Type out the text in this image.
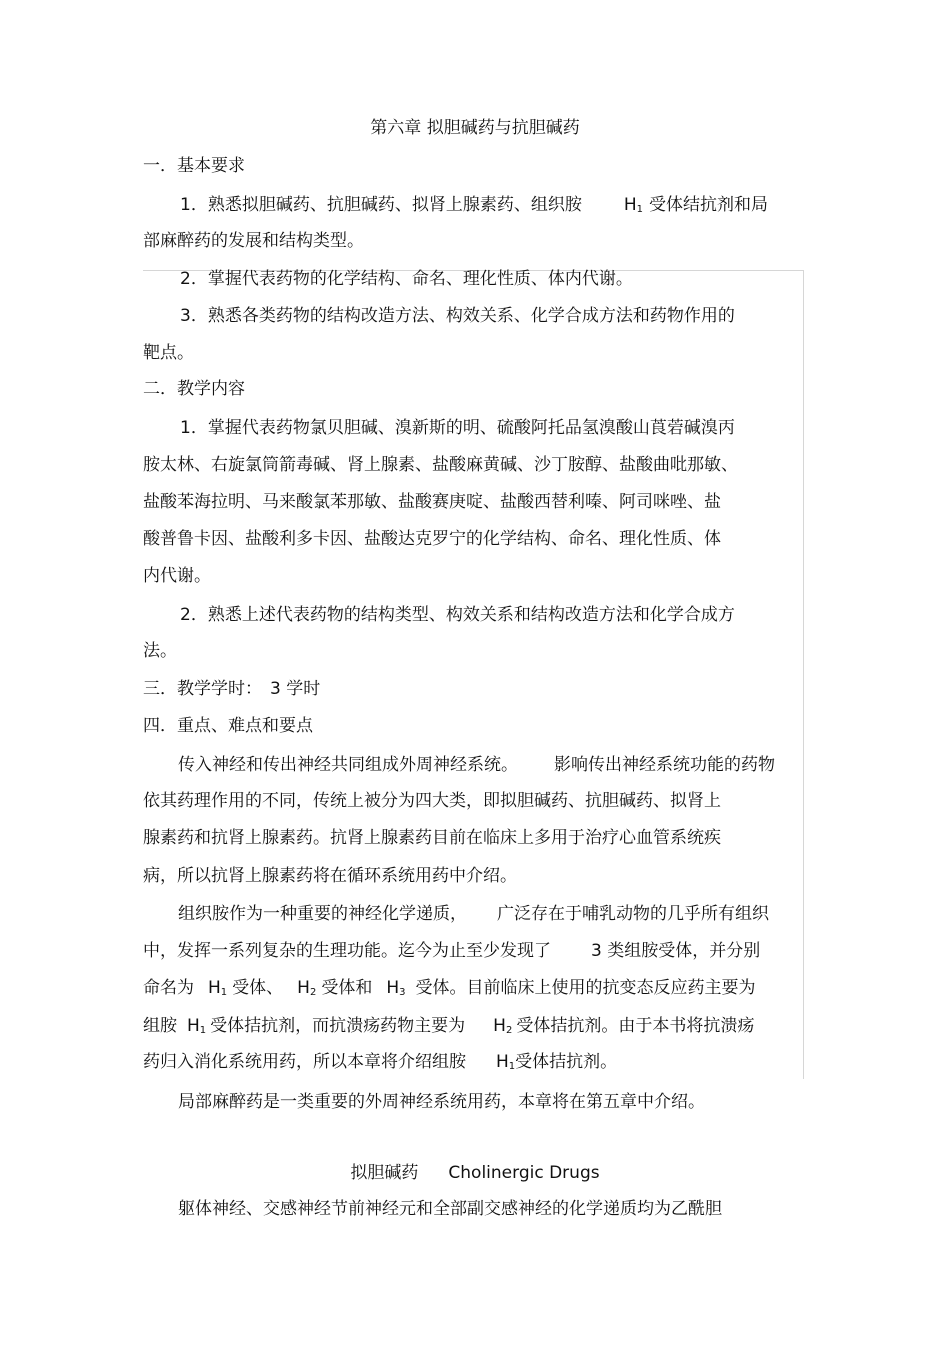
第六章 拟胆碱药与抗胆碱药
一．基本要求
1．熟悉拟胆碱药、抗胆碱药、拟肾上腺素药、组织胺 $H_1$ 受体结抗剂和局
部麻醉药的发展和结构类型。
2．掌握代表药物的化学结构、命名、理化性质、体内代谢。
3．熟悉各类药物的结构改造方法、构效关系、化学合成方法和药物作用的
靶点。
二．教学内容
1．掌握代表药物氯贝胆碱、溴新斯的明、硫酸阿托品氢溴酸山莨菪碱溴丙
胺太林、右旋氯筒箭毒碱、肾上腺素、盐酸麻黄碱、沙丁胺醇、盐酸曲吡那敏、
盐酸苯海拉明、马来酸氯苯那敏、盐酸赛庚啶、盐酸西替利嗪、阿司咪唑、盐
酸普鲁卡因、盐酸利多卡因、盐酸达克罗宁的化学结构、命名、理化性质、体
内代谢。
2．熟悉上述代表药物的结构类型、构效关系和结构改造方法和化学合成方
法。
三．教学学时： 3 学时
四．重点、难点和要点
传入神经和传出神经共同组成外周神经系统。 影响传出神经系统功能的药物
依其药理作用的不同，传统上被分为四大类，即拟胆碱药、抗胆碱药、拟肾上
腺素药和抗肾上腺素药。抗肾上腺素药目前在临床上多用于治疗心血管系统疾
病，所以抗肾上腺素药将在循环系统用药中介绍。
组织胺作为一种重要的神经化学递质， 广泛存在于哺乳动物的几乎所有组织
中，发挥一系列复杂的生理功能。迄今为止至少发现了 3 类组胺受体，并分别
命名为 $H_1$ 受体、 $H_2$ 受体和 $H_3$ 受体。目前临床上使用的抗变态反应药主要为
组胺 $H_1$ 受体拮抗剂，而抗溃疡药物主要为 $H_2$ 受体拮抗剂。由于本书将抗溃疡
药归入消化系统用药，所以本章将介绍组胺 $H_1$受体拮抗剂。
局部麻醉药是一类重要的外周神经系统用药，本章将在第五章中介绍。
拟胆碱药 Cholinergic Drugs
躯体神经、交感神经节前神经元和全部副交感神经的化学递质均为乙酰胆
